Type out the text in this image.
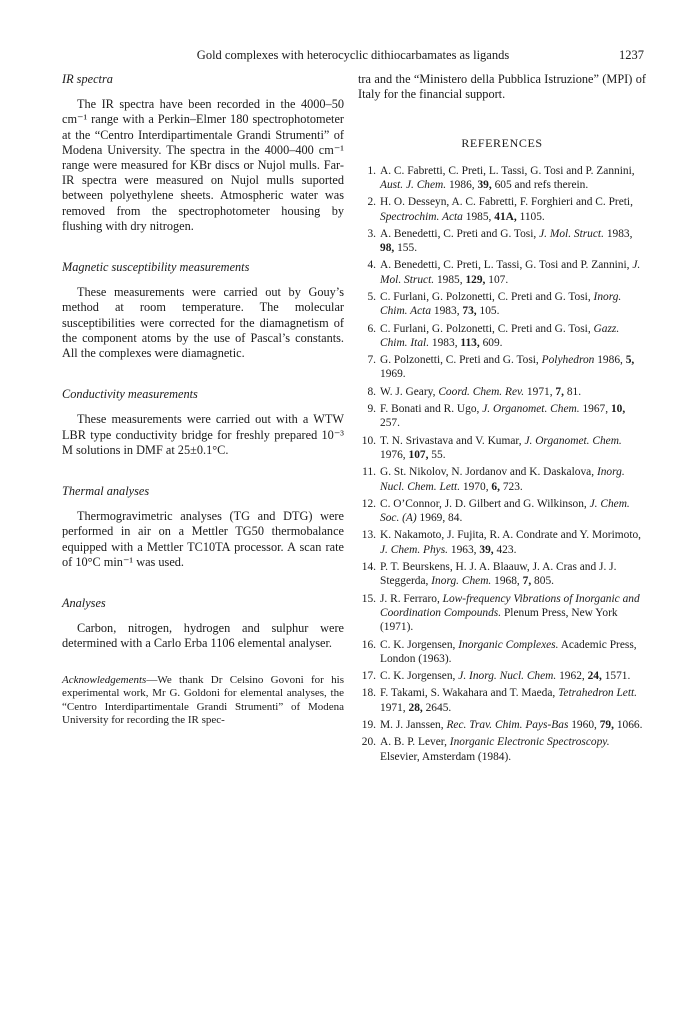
Gold complexes with heterocyclic dithiocarbamates as ligands	1237
IR spectra
The IR spectra have been recorded in the 4000–50 cm⁻¹ range with a Perkin–Elmer 180 spectrophotometer at the “Centro Interdipartimentale Grandi Strumenti” of Modena University. The spectra in the 4000–400 cm⁻¹ range were measured for KBr discs or Nujol mulls. Far-IR spectra were measured on Nujol mulls suported between polyethylene sheets. Atmospheric water was removed from the spectrophotometer housing by flushing with dry nitrogen.
Magnetic susceptibility measurements
These measurements were carried out by Gouy’s method at room temperature. The molecular susceptibilities were corrected for the diamagnetism of the component atoms by the use of Pascal’s constants. All the complexes were diamagnetic.
Conductivity measurements
These measurements were carried out with a WTW LBR type conductivity bridge for freshly prepared 10⁻³ M solutions in DMF at 25±0.1°C.
Thermal analyses
Thermogravimetric analyses (TG and DTG) were performed in air on a Mettler TG50 thermobalance equipped with a Mettler TC10TA processor. A scan rate of 10°C min⁻¹ was used.
Analyses
Carbon, nitrogen, hydrogen and sulphur were determined with a Carlo Erba 1106 elemental analyser.
Acknowledgements—We thank Dr Celsino Govoni for his experimental work, Mr G. Goldoni for elemental analyses, the “Centro Interdipartimentale Grandi Strumenti” of Modena University for recording the IR spec-
tra and the “Ministero della Pubblica Istruzione” (MPI) of Italy for the financial support.
REFERENCES
1. A. C. Fabretti, C. Preti, L. Tassi, G. Tosi and P. Zannini, Aust. J. Chem. 1986, 39, 605 and refs therein.
2. H. O. Desseyn, A. C. Fabretti, F. Forghieri and C. Preti, Spectrochim. Acta 1985, 41A, 1105.
3. A. Benedetti, C. Preti and G. Tosi, J. Mol. Struct. 1983, 98, 155.
4. A. Benedetti, C. Preti, L. Tassi, G. Tosi and P. Zannini, J. Mol. Struct. 1985, 129, 107.
5. C. Furlani, G. Polzonetti, C. Preti and G. Tosi, Inorg. Chim. Acta 1983, 73, 105.
6. C. Furlani, G. Polzonetti, C. Preti and G. Tosi, Gazz. Chim. Ital. 1983, 113, 609.
7. G. Polzonetti, C. Preti and G. Tosi, Polyhedron 1986, 5, 1969.
8. W. J. Geary, Coord. Chem. Rev. 1971, 7, 81.
9. F. Bonati and R. Ugo, J. Organomet. Chem. 1967, 10, 257.
10. T. N. Srivastava and V. Kumar, J. Organomet. Chem. 1976, 107, 55.
11. G. St. Nikolov, N. Jordanov and K. Daskalova, Inorg. Nucl. Chem. Lett. 1970, 6, 723.
12. C. O’Connor, J. D. Gilbert and G. Wilkinson, J. Chem. Soc. (A) 1969, 84.
13. K. Nakamoto, J. Fujita, R. A. Condrate and Y. Morimoto, J. Chem. Phys. 1963, 39, 423.
14. P. T. Beurskens, H. J. A. Blaauw, J. A. Cras and J. J. Steggerda, Inorg. Chem. 1968, 7, 805.
15. J. R. Ferraro, Low-frequency Vibrations of Inorganic and Coordination Compounds. Plenum Press, New York (1971).
16. C. K. Jorgensen, Inorganic Complexes. Academic Press, London (1963).
17. C. K. Jorgensen, J. Inorg. Nucl. Chem. 1962, 24, 1571.
18. F. Takami, S. Wakahara and T. Maeda, Tetrahedron Lett. 1971, 28, 2645.
19. M. J. Janssen, Rec. Trav. Chim. Pays-Bas 1960, 79, 1066.
20. A. B. P. Lever, Inorganic Electronic Spectroscopy. Elsevier, Amsterdam (1984).
